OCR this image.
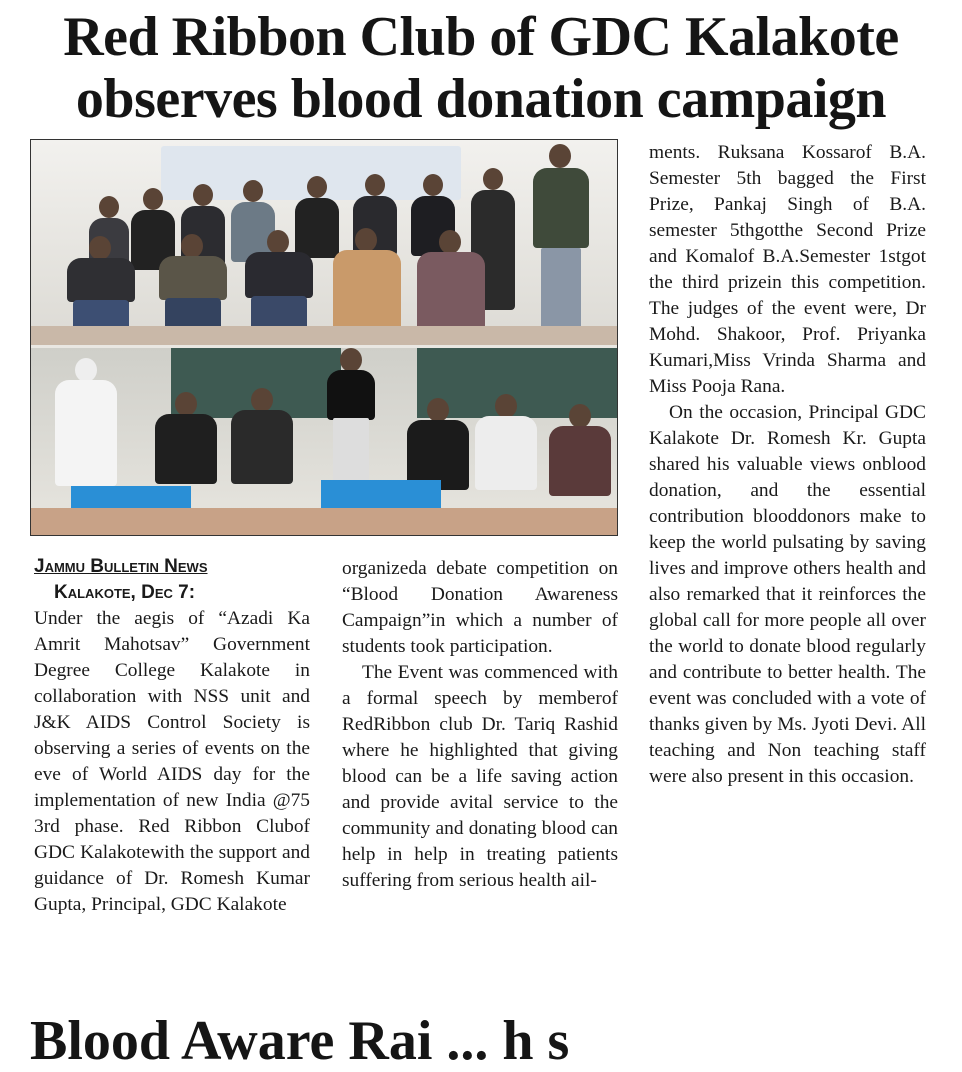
Red Ribbon Club of GDC Kalakote observes blood donation campaign
Jammu Bulletin News

Kalakote, Dec 7:
Under the aegis of “Azadi Ka Amrit Mahotsav” Government Degree College Kalakote in collaboration with NSS unit and J&K AIDS Control Society is observing a series of events on the eve of World AIDS day for the implementation of new India @75 3rd phase. Red Ribbon Clubof GDC Kalakotewith the support and guidance of Dr. Romesh Kumar Gupta, Principal, GDC Kalakote

organizeda debate competition on “Blood Donation Awareness Campaign”in which a number of students took participation.

The Event was commenced with a formal speech by memberof RedRibbon club Dr. Tariq Rashid where he highlighted that giving blood can be a life saving action and provide avital service to the community and donating blood can help in help in treating patients suffering from serious health ail-

ments. Ruksana Kossarof B.A. Semester 5th bagged the First Prize, Pankaj Singh of B.A. semester 5thgotthe Second Prize and Komalof B.A.Semester 1stgot the third prizein this competition. The judges of the event were, Dr Mohd. Shakoor, Prof. Priyanka Kumari,Miss Vrinda Sharma and Miss Pooja Rana.

On the occasion, Principal GDC Kalakote Dr. Romesh Kr. Gupta shared his valuable views onblood donation, and the essential contribution blooddonors make to keep the world pulsating by saving lives and improve others health and also remarked that it reinforces the global call for more people all over the world to donate blood regularly and contribute to better health. The event was concluded with a vote of thanks given by Ms. Jyoti Devi. All teaching and Non teaching staff were also present in this occasion.

Blood Aware Rai ... h s
